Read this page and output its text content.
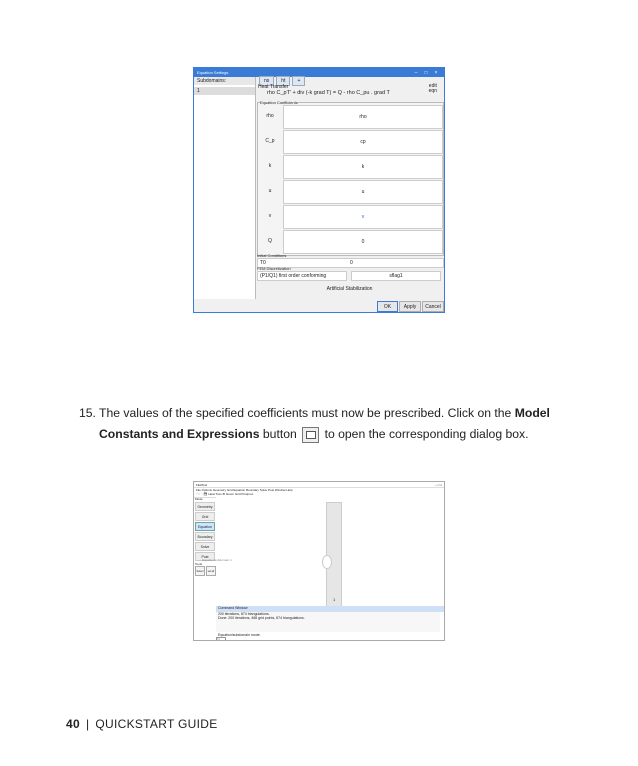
Equation Settings	–	□	×
Subdomains:
1
ns	ht	+
Heat Transfer
rho C_pT' + div (-k grad T) = Q - rho C_pu . grad T
edit
eqn
Equation Coefficients
rho	rho
C_p	cp
k	k
u	u
v	v
Q	0
Initial Conditions
T0	0
FEM Discretization
(P1/Q1) first order conforming	sflag1
Artificial Stabilization
OK	Apply	Cancel
15. The values of the specified coefficients must now be prescribed. Click on the Model Constants and Expressions button  to open the corresponding dialog box.
FEATool	– □ ×
File Options Geometry Grid Equation Boundary Solve Post Window Help
🗋 🗁 💾 Heat Tran ⚙ Geom Grid Postproc
Mode
Geometry
Grid
Equation
Boundary
Solve
Post
Tools
Select	sel all
1
Equation/subdomain 1
Command Window
200 iterations, 874 triangulations.
Done: 200 iterations, 468 grid points, 874 triangulations.
Equation/subdomain mode.
>>
40 | QUICKSTART GUIDE
